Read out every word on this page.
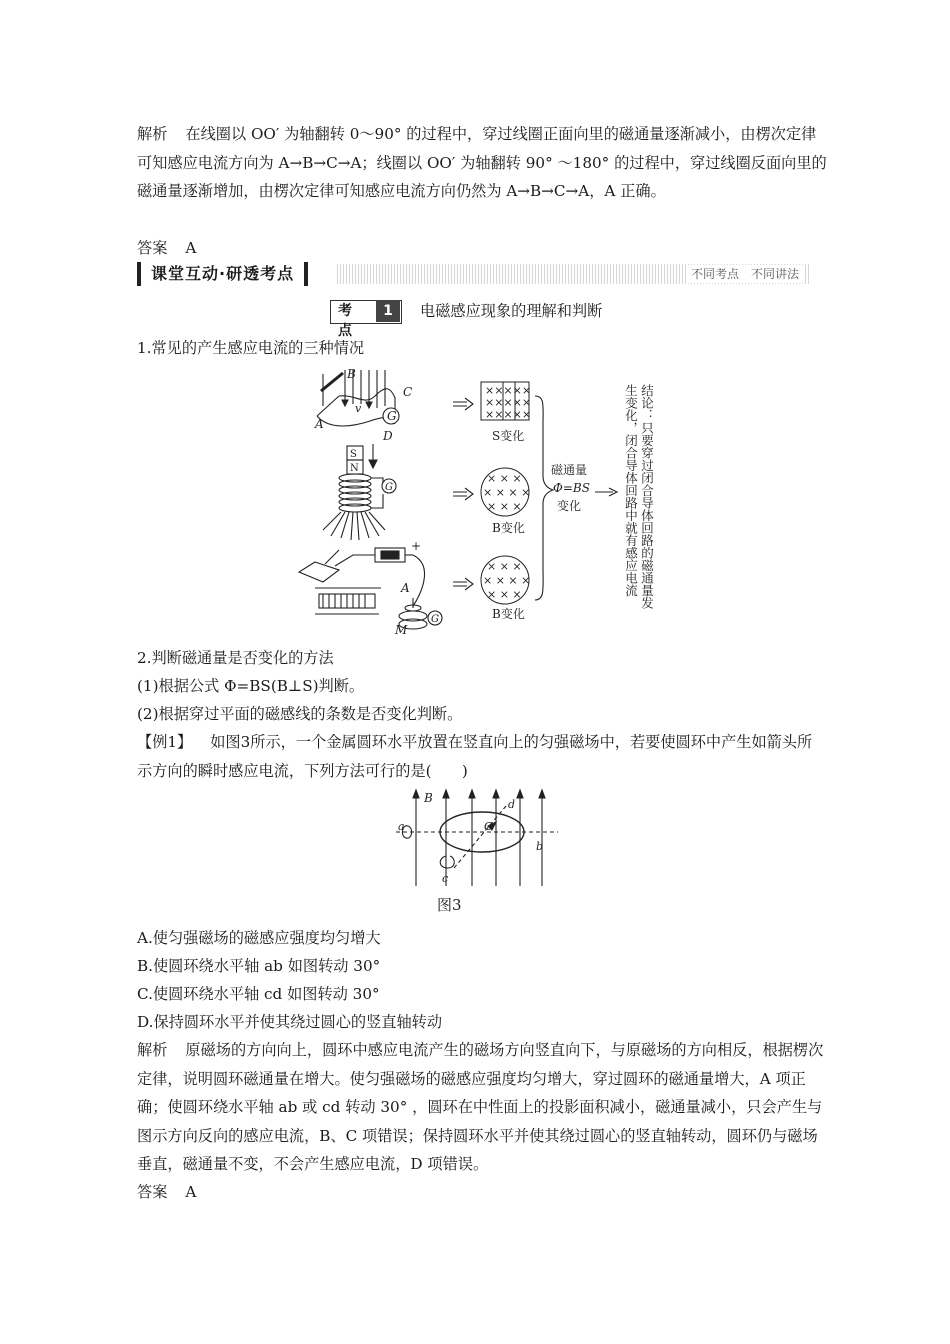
解析 在线圈以 OO′ 为轴翻转 0～90° 的过程中，穿过线圈正面向里的磁通量逐渐减小，由楞次定律可知感应电流方向为 A→B→C→A；线圈以 OO′ 为轴翻转 90° ～180° 的过程中，穿过线圈反面向里的磁通量逐渐增加，由楞次定律可知感应电流方向仍然为 A→B→C→A，A 正确。

答案 A

课堂互动·研透考点	不同考点　不同讲法
考点
1	电磁感应现象的理解和判断

1.常见的产生感应电流的三种情况

G
B
C
A
D
v
S
N
G
+
G
M
A
×××××
×××××
×××××
S变化
× × ×
× × × ×
× × ×
B变化
× × ×
× × × ×
× × ×
B变化
磁通量
Φ=BS
变化	结论：只要穿过闭合导体回路的磁通量发
生变化，闭合导体回路中就有感应电流

2.判断磁通量是否变化的方法

(1)根据公式 Φ=BS(B⊥S)判断。

(2)根据穿过平面的磁感线的条数是否变化判断。

【例1】 如图3所示，一个金属圆环水平放置在竖直向上的匀强磁场中，若要使圆环中产生如箭头所示方向的瞬时感应电流，下列方法可行的是(　　)

B	d
O
a
b
c
图3

A.使匀强磁场的磁感应强度均匀增大

B.使圆环绕水平轴 ab 如图转动 30°

C.使圆环绕水平轴 cd 如图转动 30°

D.保持圆环水平并使其绕过圆心的竖直轴转动

解析 原磁场的方向向上，圆环中感应电流产生的磁场方向竖直向下，与原磁场的方向相反，根据楞次定律，说明圆环磁通量在增大。使匀强磁场的磁感应强度均匀增大，穿过圆环的磁通量增大，A 项正确；使圆环绕水平轴 ab 或 cd 转动 30° ，圆环在中性面上的投影面积减小，磁通量减小，只会产生与图示方向反向的感应电流，B、C 项错误；保持圆环水平并使其绕过圆心的竖直轴转动，圆环仍与磁场垂直，磁通量不变，不会产生感应电流，D 项错误。

答案 A
